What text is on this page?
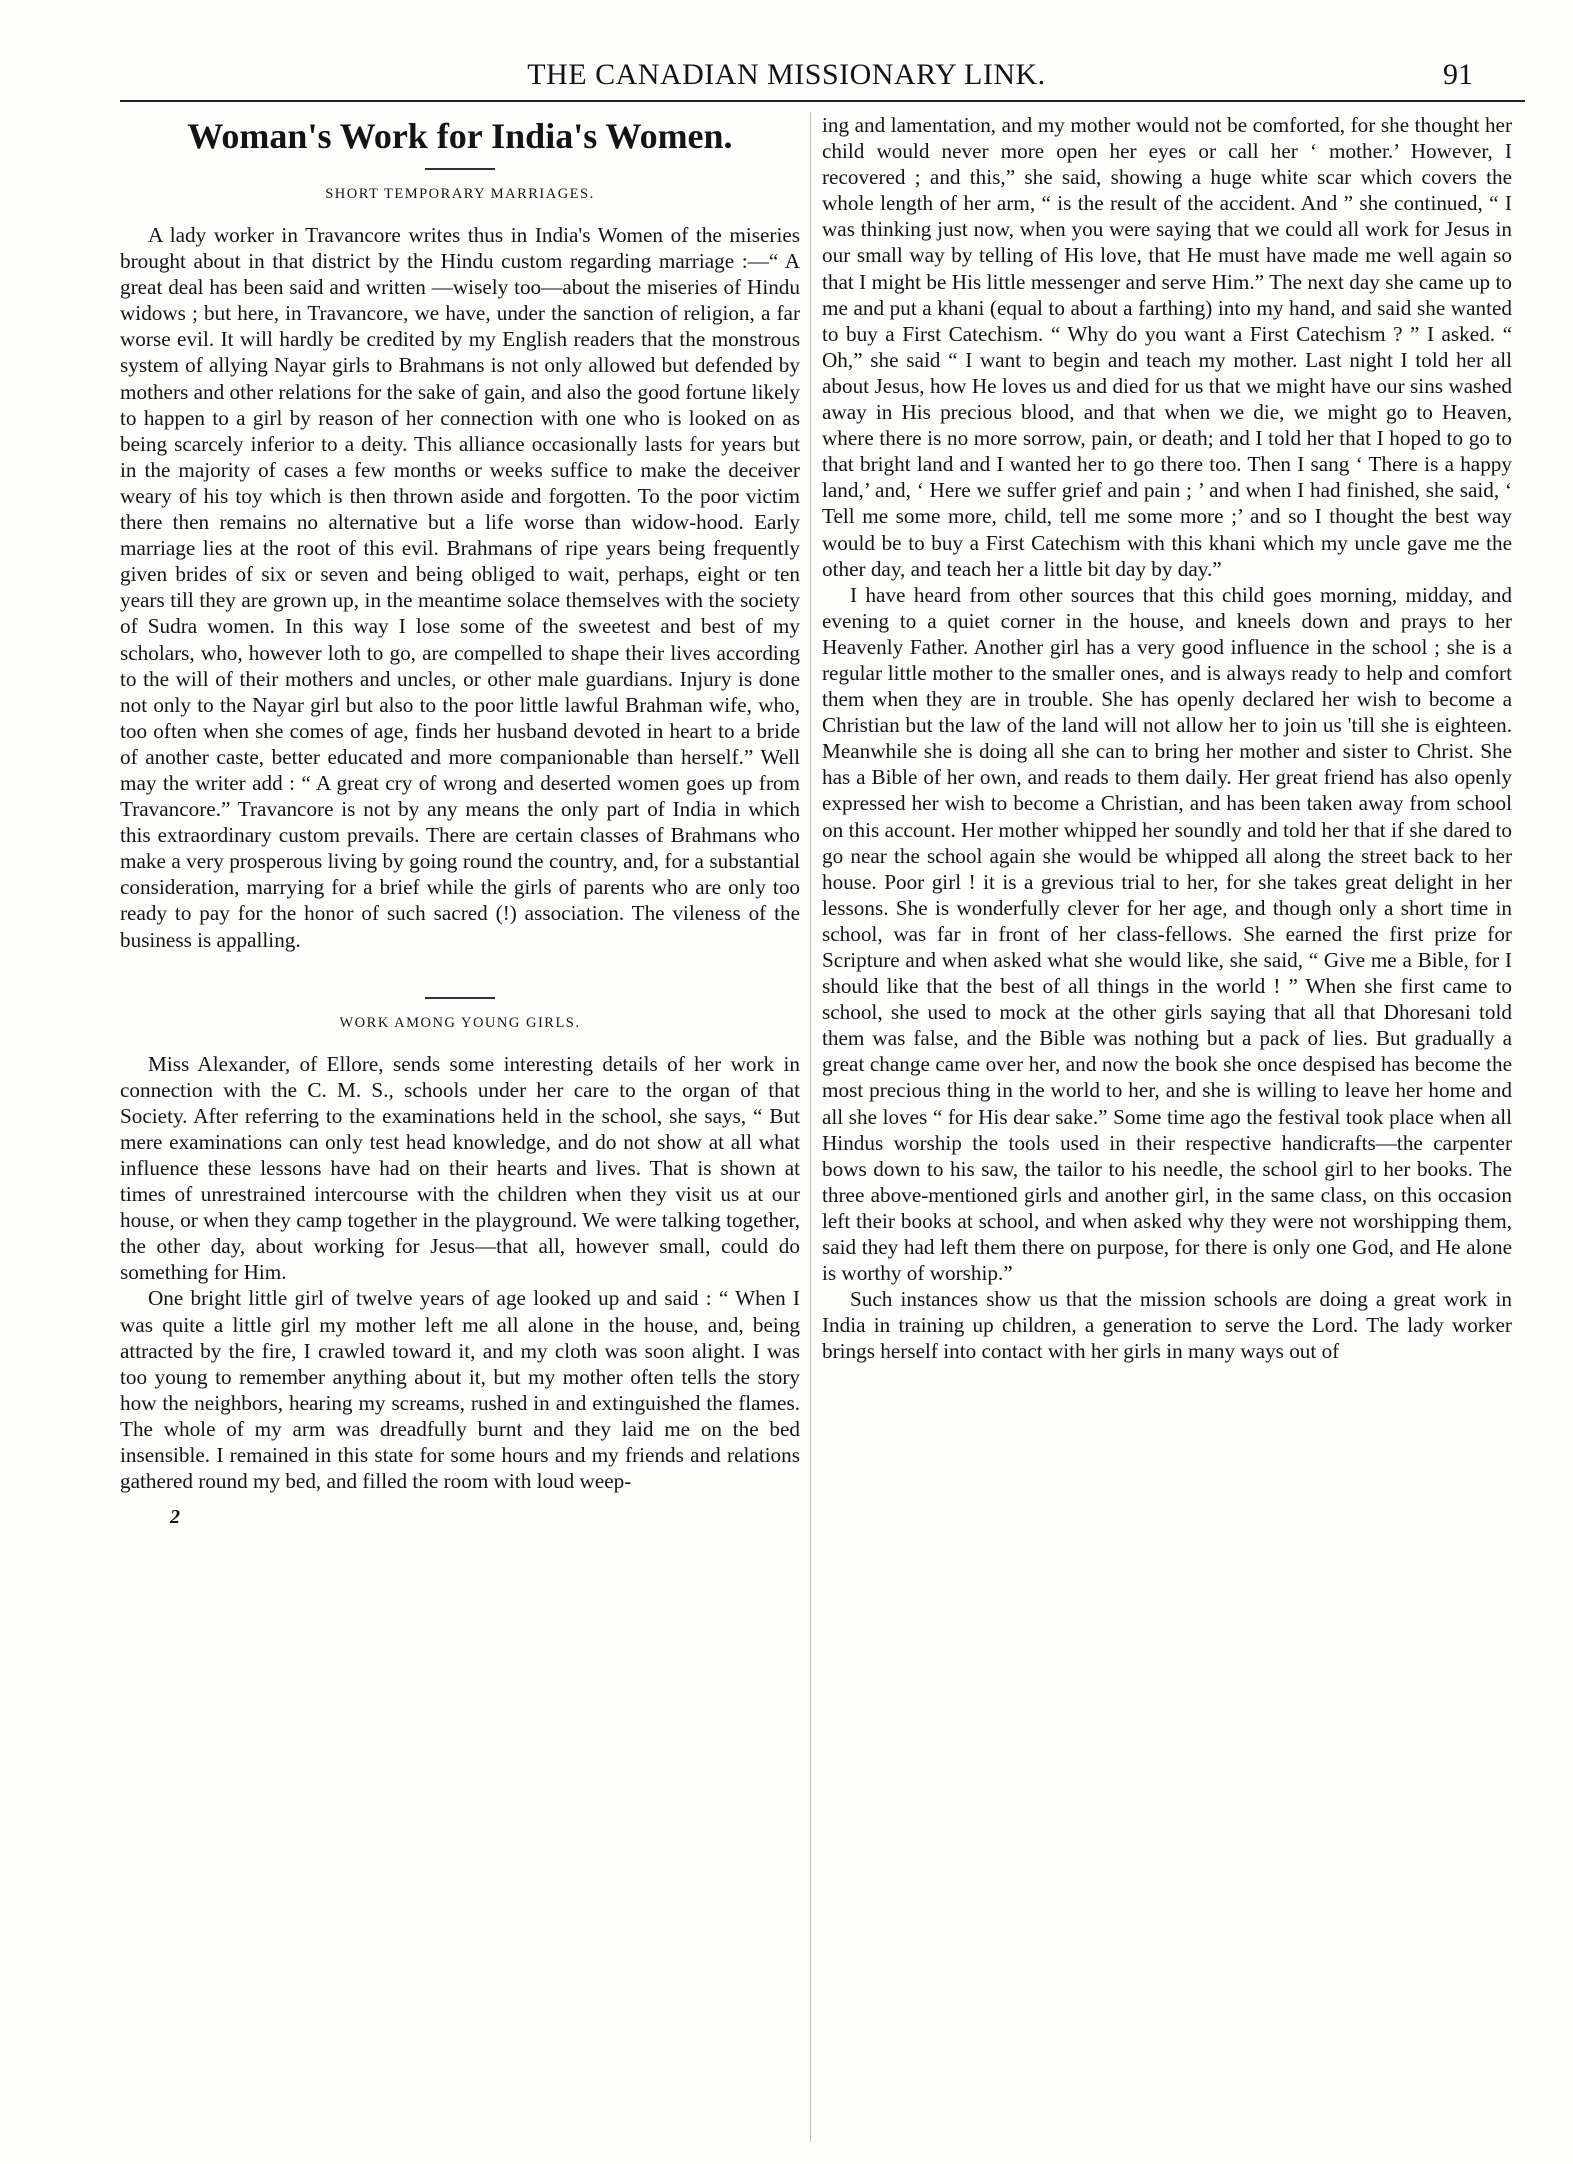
THE CANADIAN MISSIONARY LINK.	91
Woman's Work for India's Women.
SHORT TEMPORARY MARRIAGES.

A lady worker in Travancore writes thus in India's Women of the miseries brought about in that district by the Hindu custom regarding marriage :—“ A great deal has been said and written —wisely too—about the miseries of Hindu widows ; but here, in Travancore, we have, under the sanction of religion, a far worse evil. It will hardly be credited by my English readers that the monstrous system of allying Nayar girls to Brahmans is not only allowed but defended by mothers and other relations for the sake of gain, and also the good fortune likely to happen to a girl by reason of her connection with one who is looked on as being scarcely inferior to a deity. This alliance occasionally lasts for years but in the majority of cases a few months or weeks suffice to make the deceiver weary of his toy which is then thrown aside and forgotten. To the poor victim there then remains no alternative but a life worse than widow-hood. Early marriage lies at the root of this evil. Brahmans of ripe years being frequently given brides of six or seven and being obliged to wait, perhaps, eight or ten years till they are grown up, in the meantime solace themselves with the society of Sudra women. In this way I lose some of the sweetest and best of my scholars, who, however loth to go, are compelled to shape their lives according to the will of their mothers and uncles, or other male guardians. Injury is done not only to the Nayar girl but also to the poor little lawful Brahman wife, who, too often when she comes of age, finds her husband devoted in heart to a bride of another caste, better educated and more companionable than herself.” Well may the writer add : “ A great cry of wrong and deserted women goes up from Travancore.” Travancore is not by any means the only part of India in which this extraordinary custom prevails. There are certain classes of Brahmans who make a very prosperous living by going round the country, and, for a substantial consideration, marrying for a brief while the girls of parents who are only too ready to pay for the honor of such sacred (!) association. The vileness of the business is appalling.

WORK AMONG YOUNG GIRLS.

Miss Alexander, of Ellore, sends some interesting details of her work in connection with the C. M. S., schools under her care to the organ of that Society. After referring to the examinations held in the school, she says, “ But mere examinations can only test head knowledge, and do not show at all what influence these lessons have had on their hearts and lives. That is shown at times of unrestrained intercourse with the children when they visit us at our house, or when they camp together in the playground. We were talking together, the other day, about working for Jesus—that all, however small, could do something for Him.

One bright little girl of twelve years of age looked up and said : “ When I was quite a little girl my mother left me all alone in the house, and, being attracted by the fire, I crawled toward it, and my cloth was soon alight. I was too young to remember anything about it, but my mother often tells the story how the neighbors, hearing my screams, rushed in and extinguished the flames. The whole of my arm was dreadfully burnt and they laid me on the bed insensible. I remained in this state for some hours and my friends and relations gathered round my bed, and filled the room with loud weep-

2

ing and lamentation, and my mother would not be comforted, for she thought her child would never more open her eyes or call her ‘ mother.’ However, I recovered ; and this,” she said, showing a huge white scar which covers the whole length of her arm, “ is the result of the accident. And ” she continued, “ I was thinking just now, when you were saying that we could all work for Jesus in our small way by telling of His love, that He must have made me well again so that I might be His little messenger and serve Him.” The next day she came up to me and put a khani (equal to about a farthing) into my hand, and said she wanted to buy a First Catechism. “ Why do you want a First Catechism ? ” I asked. “ Oh,” she said “ I want to begin and teach my mother. Last night I told her all about Jesus, how He loves us and died for us that we might have our sins washed away in His precious blood, and that when we die, we might go to Heaven, where there is no more sorrow, pain, or death; and I told her that I hoped to go to that bright land and I wanted her to go there too. Then I sang ‘ There is a happy land,’ and, ‘ Here we suffer grief and pain ; ’ and when I had finished, she said, ‘ Tell me some more, child, tell me some more ;’ and so I thought the best way would be to buy a First Catechism with this khani which my uncle gave me the other day, and teach her a little bit day by day.”

I have heard from other sources that this child goes morning, midday, and evening to a quiet corner in the house, and kneels down and prays to her Heavenly Father. Another girl has a very good influence in the school ; she is a regular little mother to the smaller ones, and is always ready to help and comfort them when they are in trouble. She has openly declared her wish to become a Christian but the law of the land will not allow her to join us 'till she is eighteen. Meanwhile she is doing all she can to bring her mother and sister to Christ. She has a Bible of her own, and reads to them daily. Her great friend has also openly expressed her wish to become a Christian, and has been taken away from school on this account. Her mother whipped her soundly and told her that if she dared to go near the school again she would be whipped all along the street back to her house. Poor girl ! it is a grevious trial to her, for she takes great delight in her lessons. She is wonderfully clever for her age, and though only a short time in school, was far in front of her class-fellows. She earned the first prize for Scripture and when asked what she would like, she said, “ Give me a Bible, for I should like that the best of all things in the world ! ” When she first came to school, she used to mock at the other girls saying that all that Dhoresani told them was false, and the Bible was nothing but a pack of lies. But gradually a great change came over her, and now the book she once despised has become the most precious thing in the world to her, and she is willing to leave her home and all she loves “ for His dear sake.” Some time ago the festival took place when all Hindus worship the tools used in their respective handicrafts—the carpenter bows down to his saw, the tailor to his needle, the school girl to her books. The three above-mentioned girls and another girl, in the same class, on this occasion left their books at school, and when asked why they were not worshipping them, said they had left them there on purpose, for there is only one God, and He alone is worthy of worship.”

Such instances show us that the mission schools are doing a great work in India in training up children, a generation to serve the Lord. The lady worker brings herself into contact with her girls in many ways out of
